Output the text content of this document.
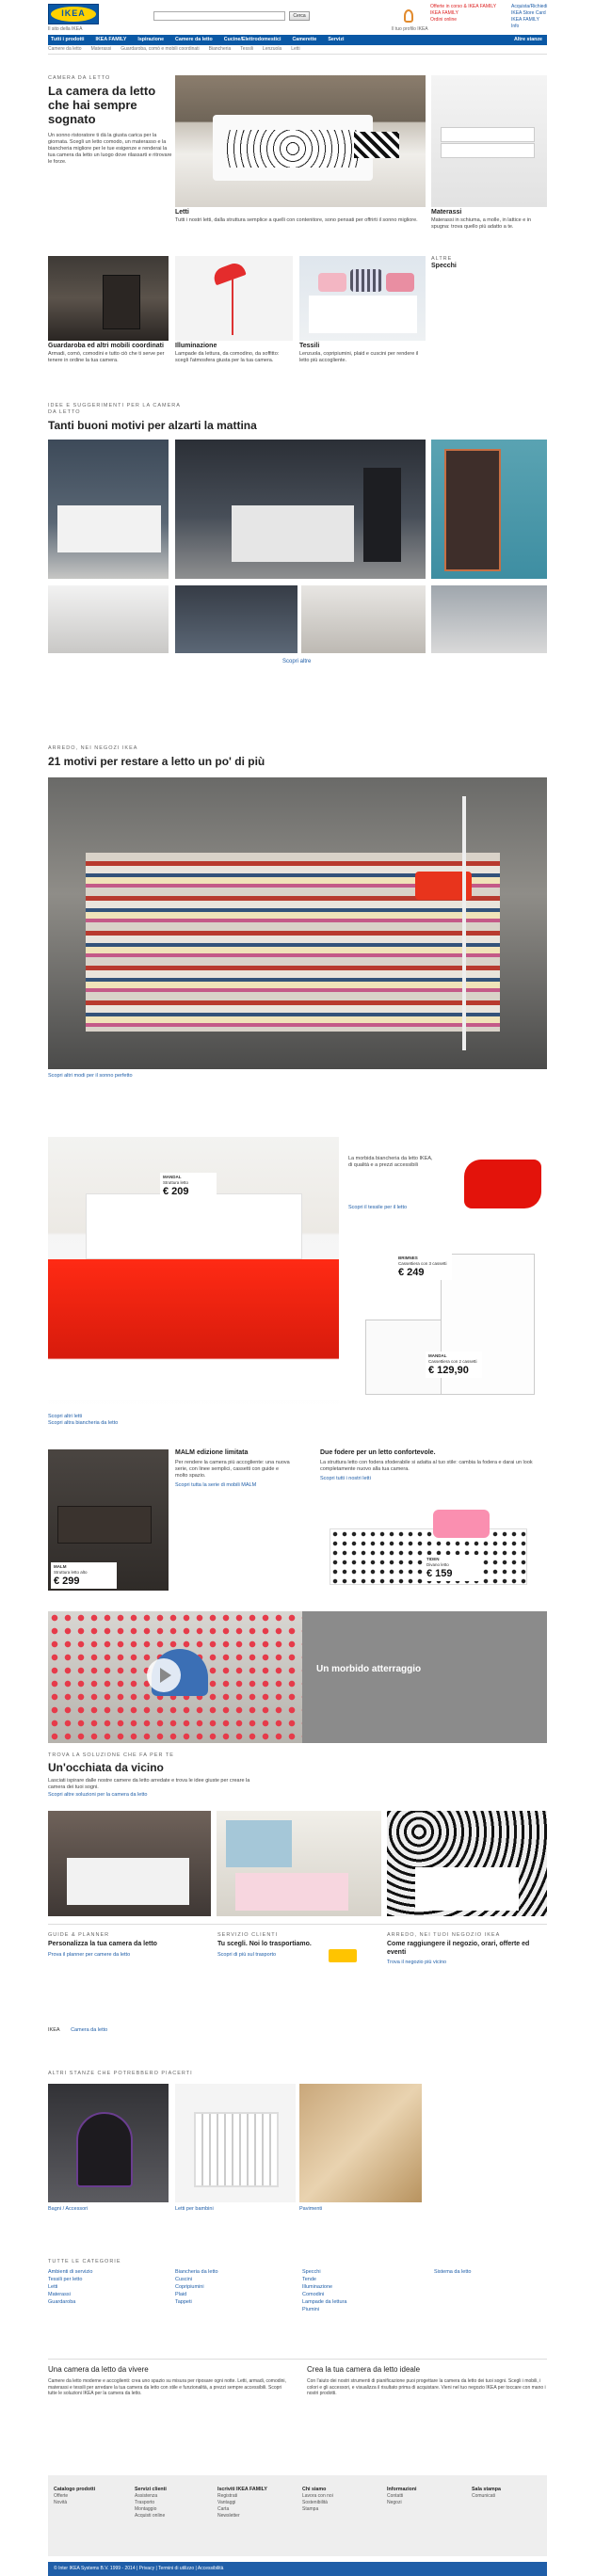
IKEA
Il sito della IKEA
Cerca
Il tuo profilo IKEA
Offerte in corso & IKEA FAMILY
IKEA FAMILY
Ordini online
Acquista/Richiedi
IKEA Store Card
IKEA FAMILY Info
Tutti i prodotti IKEA FAMILY Ispirazione Camere da letto Cucine/Elettrodomestici Camerette Servizi	Altre stanze
Camere da letto Materassi Guardaroba, comò e mobili coordinati Biancheria Tessili Lenzuola Letti
CAMERA DA LETTO
La camera da letto che hai sempre sognato
Un sonno ristoratore ti dà la giusta carica per la giornata. Scegli un letto comodo, un materasso e la biancheria migliore per le tue esigenze e renderai la tua camera da letto un luogo dove rilassarti e ritrovare le forze.
Letti
Tutti i nostri letti, dalla struttura semplice a quelli con contenitore, sono pensati per offrirti il sonno migliore.
Materassi
Materassi in schiuma, a molle, in lattice e in spugna: trova quello più adatto a te.
ALTRE
Specchi
Guardaroba ed altri mobili coordinati
Armadi, comò, comodini e tutto ciò che ti serve per tenere in ordine la tua camera.
Illuminazione
Lampade da lettura, da comodino, da soffitto: scegli l'atmosfera giusta per la tua camera.
Tessili
Lenzuola, copripiumini, plaid e cuscini per rendere il letto più accogliente.
IDEE E SUGGERIMENTI PER LA CAMERA DA LETTO
Tanti buoni motivi per alzarti la mattina
Scopri altre
ARREDO, NEI NEGOZI IKEA
21 motivi per restare a letto un po' di più
Scopri altri modi per il sonno perfetto
MANDAL
Struttura letto
€ 209
La morbida biancheria da letto IKEA, di qualità e a prezzi accessibili
Scopri il tessile per il letto
BRIMNES
Cassettiera con 3 cassetti
€ 249
MANDAL
Cassettiera con 2 cassetti
€ 129,90
Scopri altri letti
Scopri altra biancheria da letto
MALM
Struttura letto alto
€ 299
MALM edizione limitata
Per rendere la camera più accogliente: una nuova serie, con linee semplici, cassetti con guide e molto spazio.
Scopri tutta la serie di mobili MALM
Due fodere per un letto confortevole.
La struttura letto con fodera sfoderabile si adatta al tuo stile: cambia la fodera e darai un look completamente nuovo alla tua camera.
Scopri tutti i nostri letti
TIDEN
Divano letto
€ 159
Un morbido atterraggio
TROVA LA SOLUZIONE CHE FA PER TE
Un'occhiata da vicino
Lasciati ispirare dalle nostre camere da letto arredate e trova le idee giuste per creare la camera dei tuoi sogni.
Scopri altre soluzioni per la camera da letto
GUIDE & PLANNER
Personalizza la tua camera da letto
Prova il planner per camere da letto
SERVIZIO CLIENTI
Tu scegli. Noi lo trasportiamo.
Scopri di più sul trasporto
ARREDO, NEI TUOI NEGOZIO IKEA
Come raggiungere il negozio, orari, offerte ed eventi
Trova il negozio più vicino
IKEA Camera da letto
ALTRI STANZE CHE POTREBBERO PIACERTI
Bagni / Accessori	Letti per bambini	Pavimenti
TUTTE LE CATEGORIE
Ambienti di servizio
Tessili per letto
Letti
Materassi
Guardaroba
Biancheria da letto
Cuscini
Copripiumini
Plaid
Tappeti
Specchi
Tende
Illuminazione
Comodini
Lampade da lettura
Piumini
Sistema da letto
Una camera da letto da vivere
Camere da letto moderne e accoglienti: crea uno spazio su misura per riposare ogni notte. Letti, armadi, comodini, materassi e tessili per arredare la tua camera da letto con stile e funzionalità, a prezzi sempre accessibili. Scopri tutte le soluzioni IKEA per la camera da letto.
Crea la tua camera da letto ideale
Con l'aiuto dei nostri strumenti di pianificazione puoi progettare la camera da letto dei tuoi sogni. Scegli i mobili, i colori e gli accessori, e visualizza il risultato prima di acquistare. Vieni nel tuo negozio IKEA per toccare con mano i nostri prodotti.
Catalogo prodotti
Offerte
Novità
Servizi clienti
Assistenza
Trasporto
Montaggio
Acquisti online
Iscriviti IKEA FAMILY
Registrati
Vantaggi
Carta
Newsletter
Chi siamo
Lavora con noi
Sostenibilità
Stampa
Informazioni
Contatti
Negozi
Sala stampa
Comunicati
© Inter IKEA Systems B.V. 1999 - 2014 | Privacy | Termini di utilizzo | Accessibilità
